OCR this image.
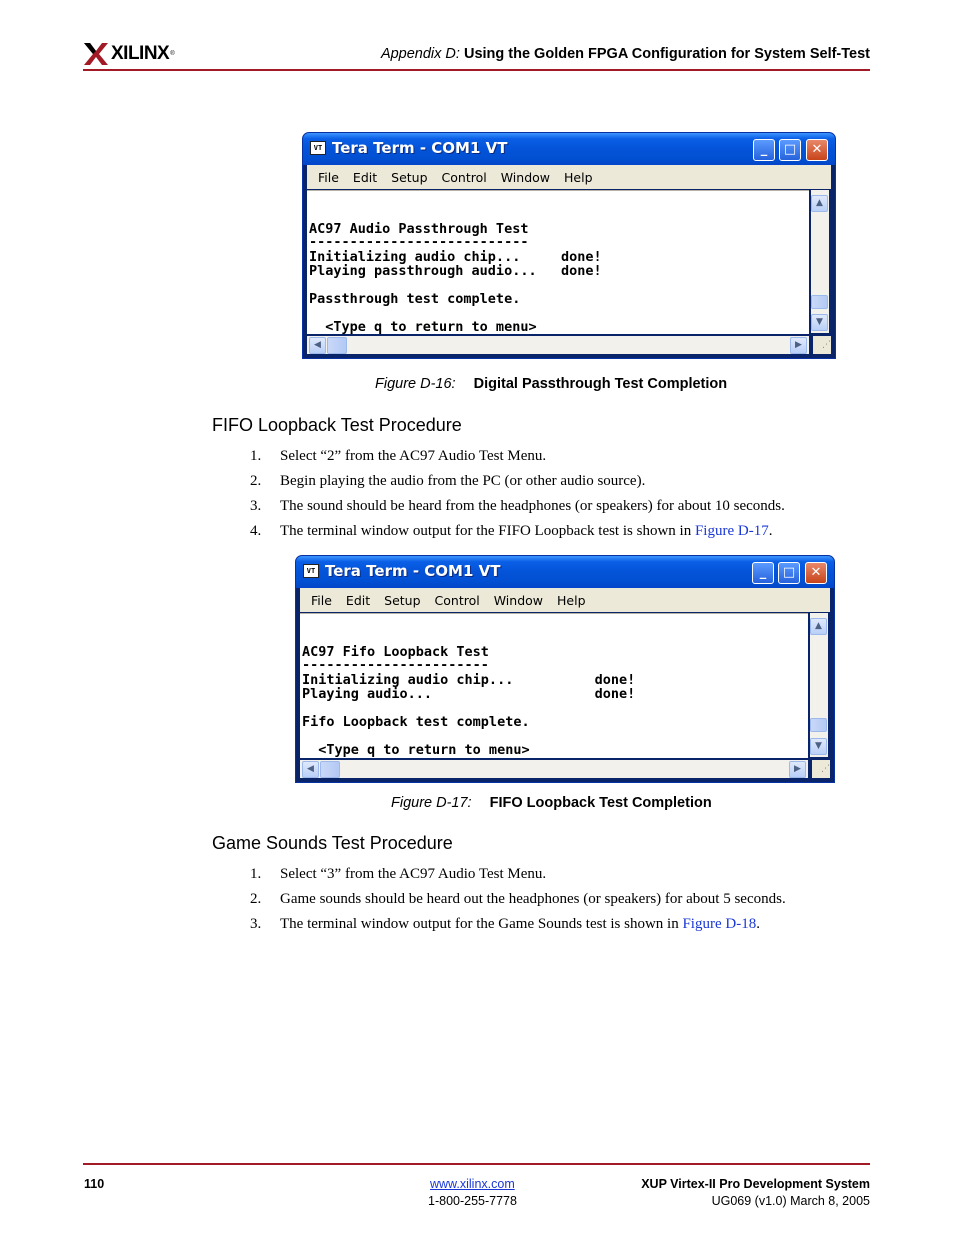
XILINX ®	Appendix D: Using the Golden FPGA Configuration for System Self-Test
VT Tera Term - COM1 VT	_	□	✕
File	Edit	Setup	Control	Window	Help
AC97 Audio Passthrough Test
---------------------------
Initializing audio chip...     done!
Playing passthrough audio...   done!
Passthrough test complete.
<Type q to return to menu>
▲
▼
◀	▶	⋰
Figure D-16: Digital Passthrough Test Completion
FIFO Loopback Test Procedure
1. Select “2” from the AC97 Audio Test Menu.
2. Begin playing the audio from the PC (or other audio source).
3. The sound should be heard from the headphones (or speakers) for about 10 seconds.
4. The terminal window output for the FIFO Loopback test is shown in Figure D-17.
VT Tera Term - COM1 VT	_	□	✕
File	Edit	Setup	Control	Window	Help
AC97 Fifo Loopback Test
-----------------------
Initializing audio chip...          done!
Playing audio...                    done!
Fifo Loopback test complete.
<Type q to return to menu>
▲
▼
◀	▶	⋰
Figure D-17: FIFO Loopback Test Completion
Game Sounds Test Procedure
1. Select “3” from the AC97 Audio Test Menu.
2. Game sounds should be heard out the headphones (or speakers) for about 5 seconds.
3. The terminal window output for the Game Sounds test is shown in Figure D-18.
110	www.xilinx.com
1-800-255-7778
XUP Virtex-II Pro Development System
UG069 (v1.0) March 8, 2005
